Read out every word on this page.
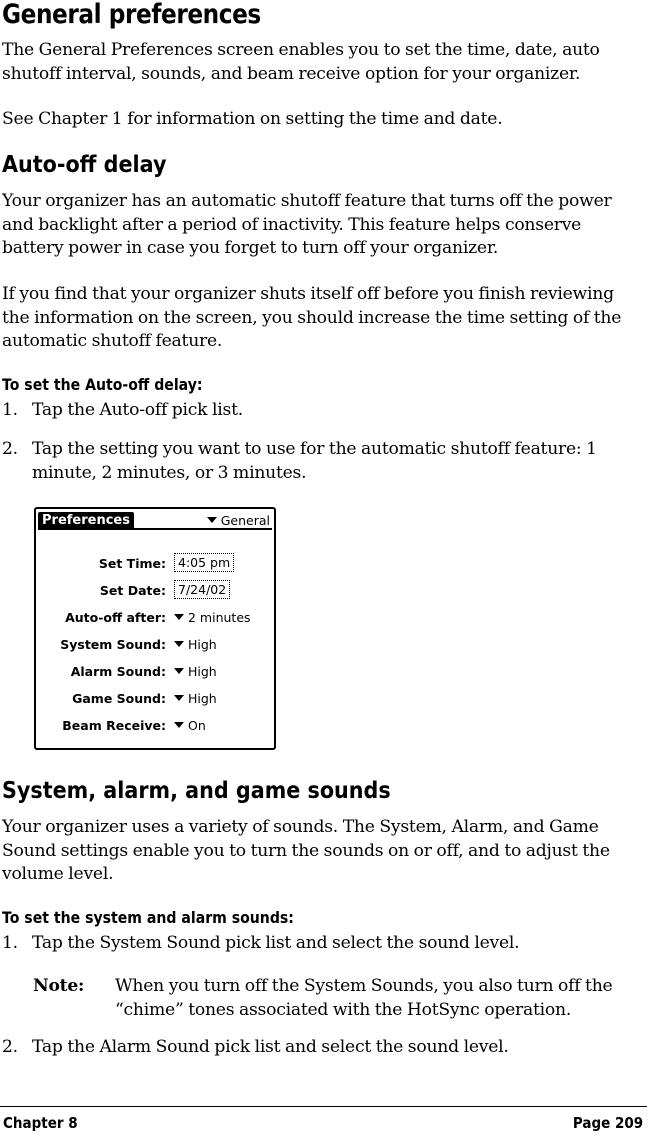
General preferences
The General Preferences screen enables you to set the time, date, auto shutoff interval, sounds, and beam receive option for your organizer.
See Chapter 1 for information on setting the time and date.
Auto-off delay
Your organizer has an automatic shutoff feature that turns off the power and backlight after a period of inactivity. This feature helps conserve battery power in case you forget to turn off your organizer.
If you find that your organizer shuts itself off before you finish reviewing the information on the screen, you should increase the time setting of the automatic shutoff feature.
To set the Auto-off delay:
1. Tap the Auto-off pick list.
2. Tap the setting you want to use for the automatic shutoff feature: 1 minute, 2 minutes, or 3 minutes.
Preferences	General
Set Time: 4:05 pm
Set Date: 7/24/02
Auto-off after:	2 minutes
System Sound:	High
Alarm Sound:	High
Game Sound:	High
Beam Receive:	On
System, alarm, and game sounds
Your organizer uses a variety of sounds. The System, Alarm, and Game Sound settings enable you to turn the sounds on or off, and to adjust the volume level.
To set the system and alarm sounds:
1. Tap the System Sound pick list and select the sound level.
Note: When you turn off the System Sounds, you also turn off the “chime” tones associated with the HotSync operation.
2. Tap the Alarm Sound pick list and select the sound level.
Chapter 8	Page 209
